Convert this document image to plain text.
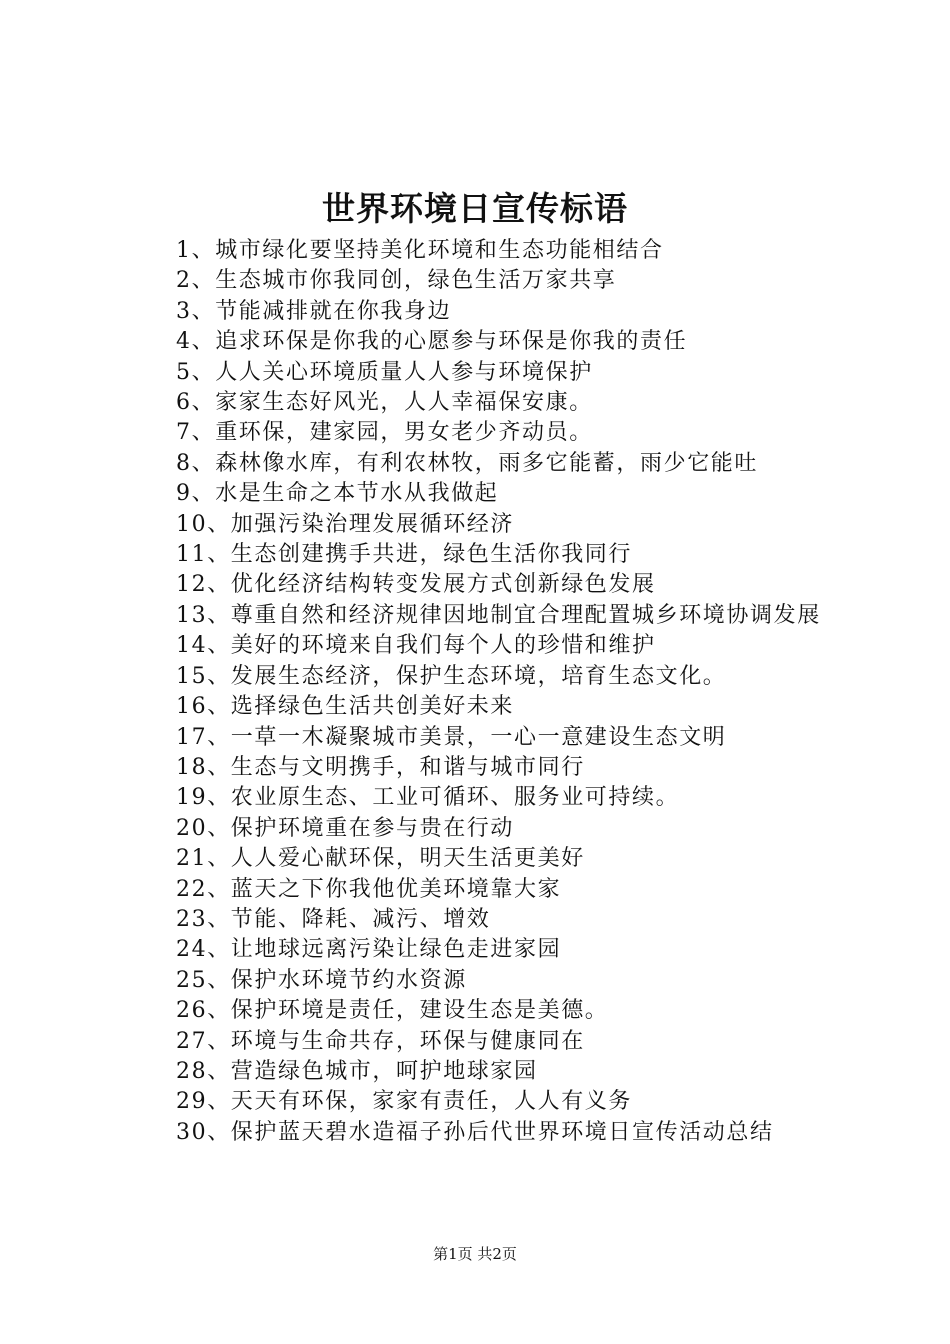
世界环境日宣传标语
1、城市绿化要坚持美化环境和生态功能相结合
2、生态城市你我同创，绿色生活万家共享
3、节能减排就在你我身边
4、追求环保是你我的心愿参与环保是你我的责任
5、人人关心环境质量人人参与环境保护
6、家家生态好风光，人人幸福保安康。
7、重环保，建家园，男女老少齐动员。
8、森林像水库，有利农林牧，雨多它能蓄，雨少它能吐
9、水是生命之本节水从我做起
10、加强污染治理发展循环经济
11、生态创建携手共进，绿色生活你我同行
12、优化经济结构转变发展方式创新绿色发展
13、尊重自然和经济规律因地制宜合理配置城乡环境协调发展
14、美好的环境来自我们每个人的珍惜和维护
15、发展生态经济，保护生态环境，培育生态文化。
16、选择绿色生活共创美好未来
17、一草一木凝聚城市美景，一心一意建设生态文明
18、生态与文明携手，和谐与城市同行
19、农业原生态、工业可循环、服务业可持续。
20、保护环境重在参与贵在行动
21、人人爱心献环保，明天生活更美好
22、蓝天之下你我他优美环境靠大家
23、节能、降耗、减污、增效
24、让地球远离污染让绿色走进家园
25、保护水环境节约水资源
26、保护环境是责任，建设生态是美德。
27、环境与生命共存，环保与健康同在
28、营造绿色城市，呵护地球家园
29、天天有环保，家家有责任，人人有义务
30、保护蓝天碧水造福子孙后代世界环境日宣传活动总结
第1页 共2页
